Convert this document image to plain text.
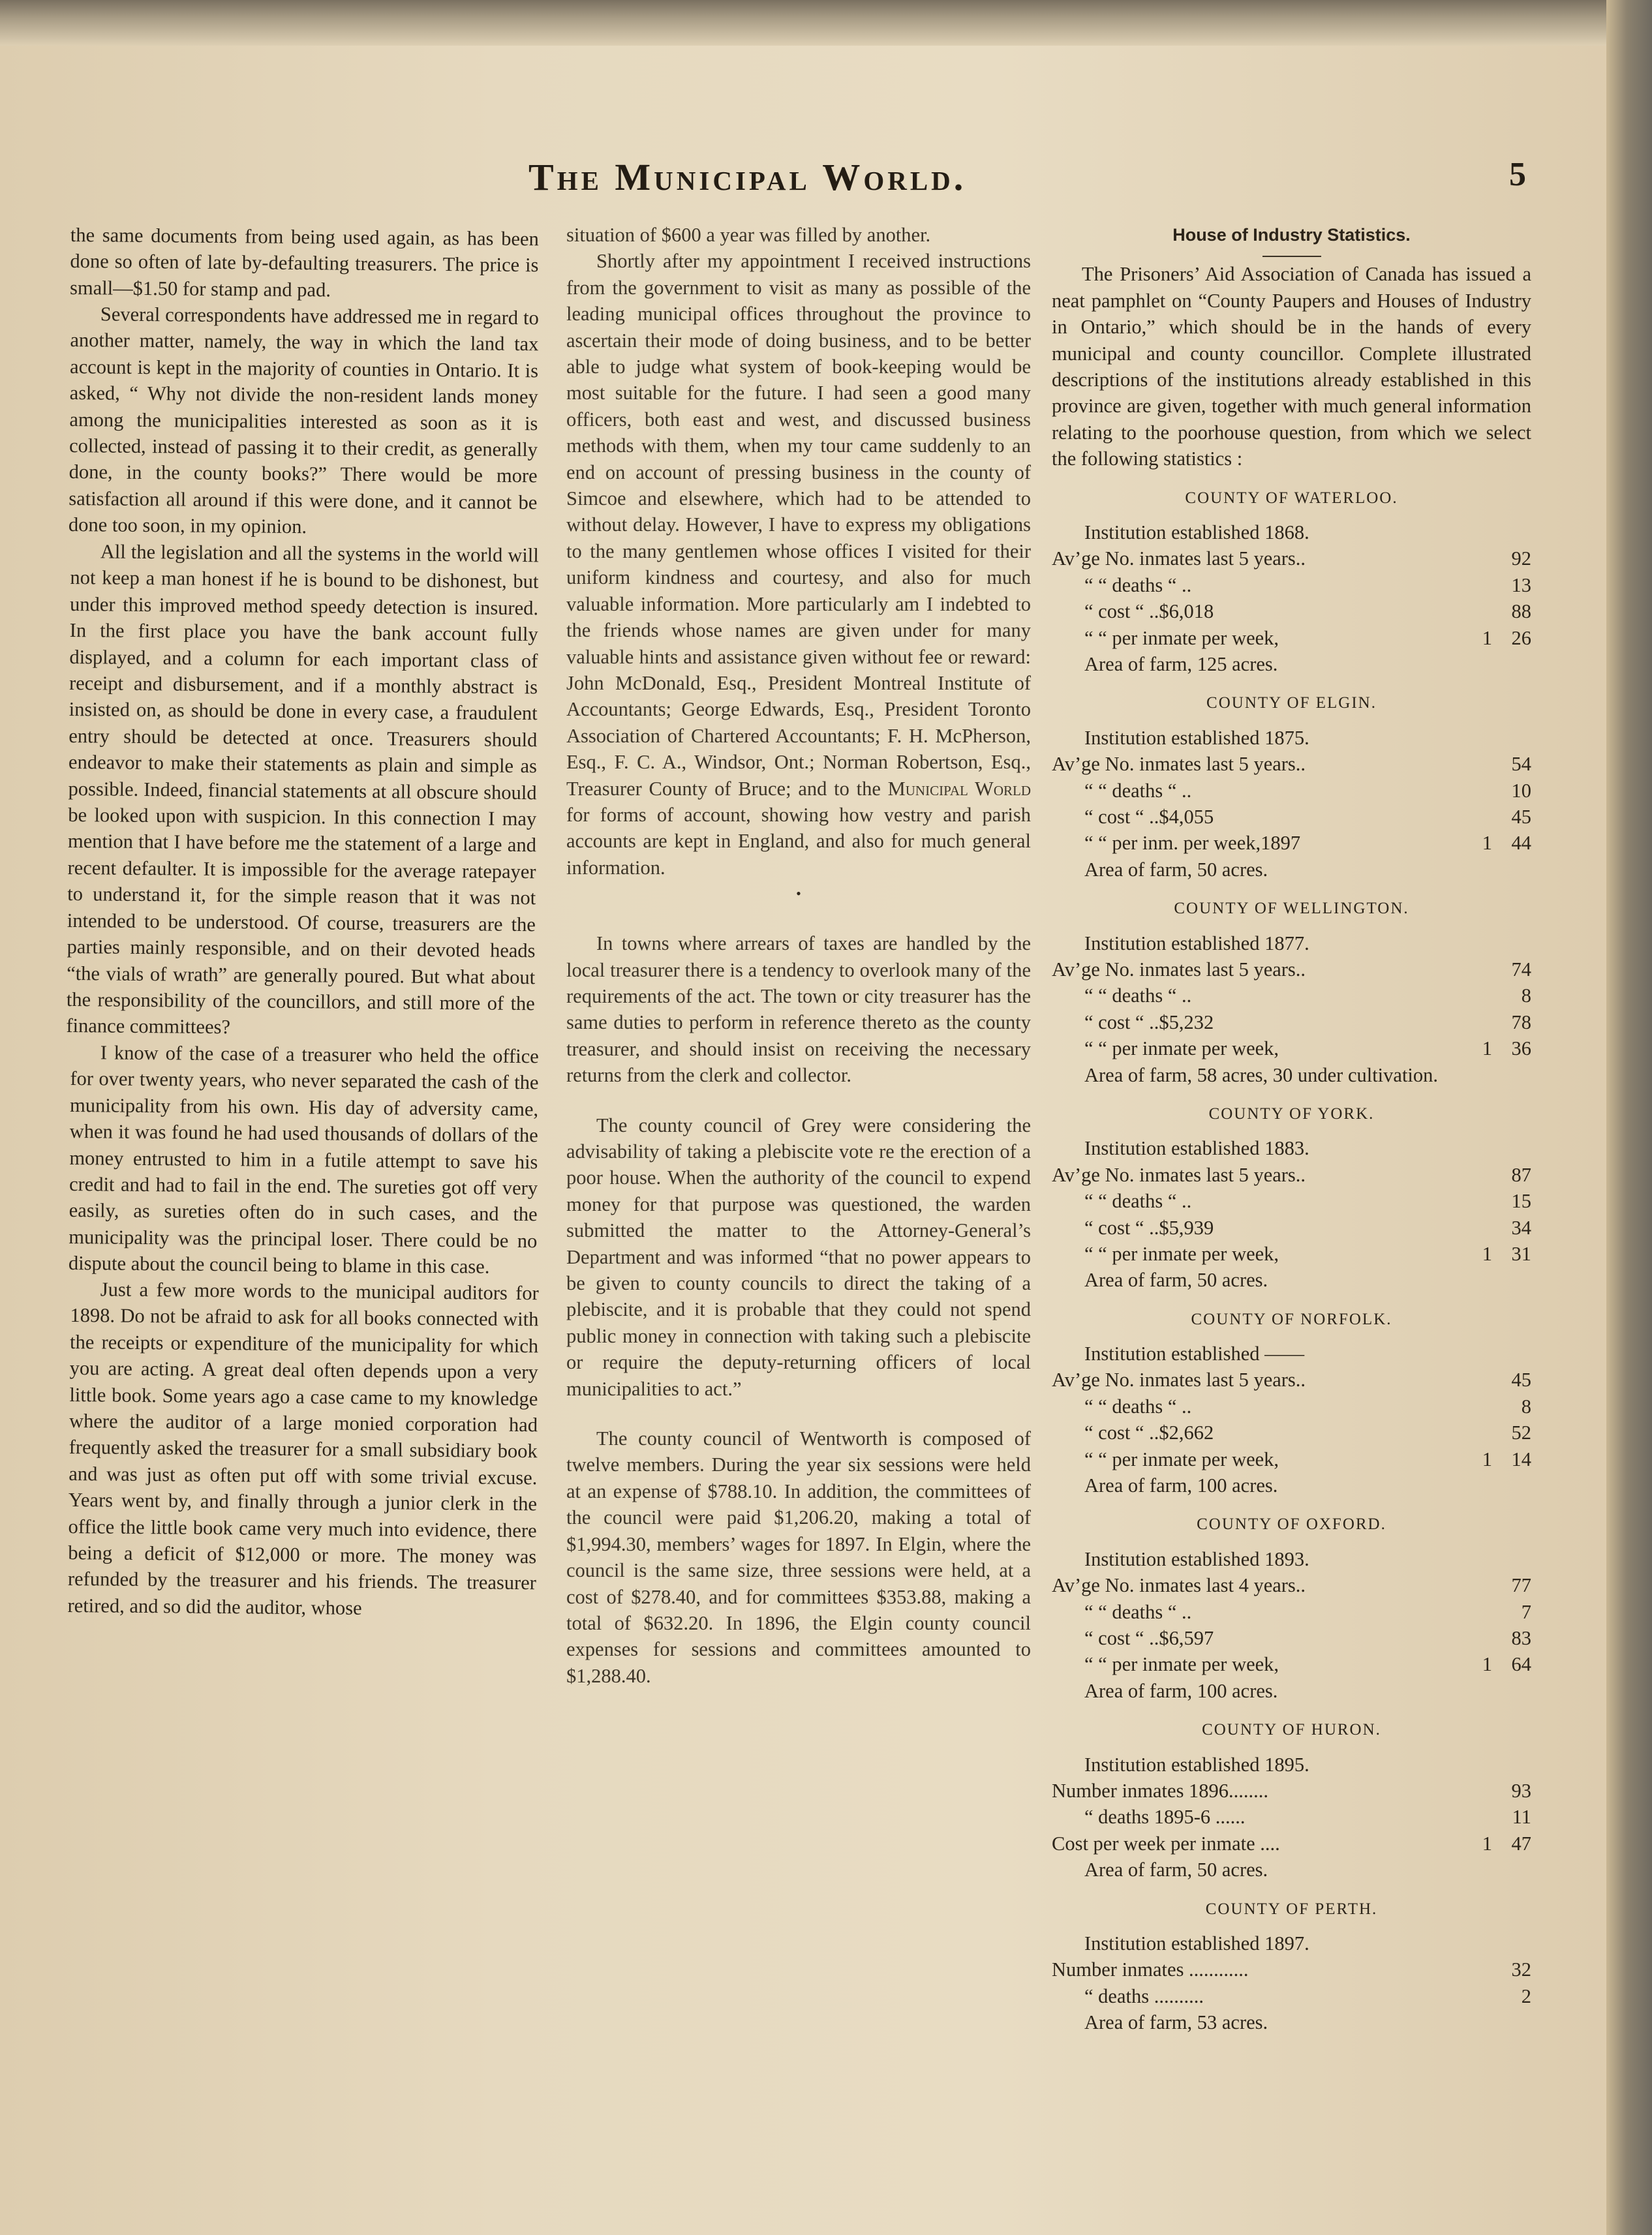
The Municipal World.	5

the same documents from being used again, as has been done so often of late by-defaulting treasurers. The price is small—$1.50 for stamp and pad.

Several correspondents have addressed me in regard to another matter, namely, the way in which the land tax account is kept in the majority of counties in Ontario. It is asked, “ Why not divide the non-resident lands money among the municipalities interested as soon as it is collected, instead of passing it to their credit, as generally done, in the county books?” There would be more satisfaction all around if this were done, and it cannot be done too soon, in my opinion.

All the legislation and all the systems in the world will not keep a man honest if he is bound to be dishonest, but under this improved method speedy detection is insured. In the first place you have the bank account fully displayed, and a column for each important class of receipt and disbursement, and if a monthly abstract is insisted on, as should be done in every case, a fraudulent entry should be detected at once. Treasurers should endeavor to make their statements as plain and simple as possible. Indeed, financial statements at all obscure should be looked upon with suspicion. In this connection I may mention that I have before me the statement of a large and recent defaulter. It is impossible for the average ratepayer to understand it, for the simple reason that it was not intended to be understood. Of course, treasurers are the parties mainly responsible, and on their devoted heads “the vials of wrath” are generally poured. But what about the responsibility of the councillors, and still more of the finance committees?

I know of the case of a treasurer who held the office for over twenty years, who never separated the cash of the municipality from his own. His day of adversity came, when it was found he had used thousands of dollars of the money entrusted to him in a futile attempt to save his credit and had to fail in the end. The sureties got off very easily, as sureties often do in such cases, and the municipality was the principal loser. There could be no dispute about the council being to blame in this case.

Just a few more words to the municipal auditors for 1898. Do not be afraid to ask for all books connected with the receipts or expenditure of the municipality for which you are acting. A great deal often depends upon a very little book. Some years ago a case came to my knowledge where the auditor of a large monied corporation had frequently asked the treasurer for a small subsidiary book and was just as often put off with some trivial excuse. Years went by, and finally through a junior clerk in the office the little book came very much into evidence, there being a deficit of $12,000 or more. The money was refunded by the treasurer and his friends. The treasurer retired, and so did the auditor, whose

situation of $600 a year was filled by another.

Shortly after my appointment I received instructions from the government to visit as many as possible of the leading municipal offices throughout the province to ascertain their mode of doing business, and to be better able to judge what system of book-keeping would be most suitable for the future. I had seen a good many officers, both east and west, and discussed business methods with them, when my tour came suddenly to an end on account of pressing business in the county of Simcoe and elsewhere, which had to be attended to without delay. However, I have to express my obligations to the many gentlemen whose offices I visited for their uniform kindness and courtesy, and also for much valuable information. More particularly am I indebted to the friends whose names are given under for many valuable hints and assistance given without fee or reward: John McDonald, Esq., President Montreal Institute of Accountants; George Edwards, Esq., President Toronto Association of Chartered Accountants; F. H. McPherson, Esq., F. C. A., Windsor, Ont.; Norman Robertson, Esq., Treasurer County of Bruce; and to the Municipal World for forms of account, showing how vestry and parish accounts are kept in England, and also for much general information.

•

In towns where arrears of taxes are handled by the local treasurer there is a tendency to overlook many of the requirements of the act. The town or city treasurer has the same duties to perform in reference thereto as the county treasurer, and should insist on receiving the necessary returns from the clerk and collector.

The county council of Grey were considering the advisability of taking a plebiscite vote re the erection of a poor house. When the authority of the council to expend money for that purpose was questioned, the warden submitted the matter to the Attorney-General’s Department and was informed “that no power appears to be given to county councils to direct the taking of a plebiscite, and it is probable that they could not spend public money in connection with taking such a plebiscite or require the deputy-returning officers of local municipalities to act.”

The county council of Wentworth is composed of twelve members. During the year six sessions were held at an expense of $788.10. In addition, the committees of the council were paid $1,206.20, making a total of $1,994.30, members’ wages for 1897. In Elgin, where the council is the same size, three sessions were held, at a cost of $278.40, and for committees $353.88, making a total of $632.20. In 1896, the Elgin county council expenses for sessions and committees amounted to $1,288.40.

House of Industry Statistics.

The Prisoners’ Aid Association of Canada has issued a neat pamphlet on “County Paupers and Houses of Industry in Ontario,” which should be in the hands of every municipal and county councillor. Complete illustrated descriptions of the institutions already established in this province are given, together with much general information relating to the poorhouse question, from which we select the following statistics :

COUNTY OF WATERLOO.
Institution established 1868.
Av’ge No. inmates last 5 years..	92
“ “ deaths “ ..	13
“ cost “ ..$6,018	88
“ “ per inmate per week,	1 26
Area of farm, 125 acres.
COUNTY OF ELGIN.
Institution established 1875.
Av’ge No. inmates last 5 years..	54
“ “ deaths “ ..	10
“ cost “ ..$4,055	45
“ “ per inm. per week,1897	1 44
Area of farm, 50 acres.
COUNTY OF WELLINGTON.
Institution established 1877.
Av’ge No. inmates last 5 years..	74
“ “ deaths “ ..	8
“ cost “ ..$5,232	78
“ “ per inmate per week,	1 36
Area of farm, 58 acres, 30 under cultivation.
COUNTY OF YORK.
Institution established 1883.
Av’ge No. inmates last 5 years..	87
“ “ deaths “ ..	15
“ cost “ ..$5,939	34
“ “ per inmate per week,	1 31
Area of farm, 50 acres.
COUNTY OF NORFOLK.
Institution established ——
Av’ge No. inmates last 5 years..	45
“ “ deaths “ ..	8
“ cost “ ..$2,662	52
“ “ per inmate per week,	1 14
Area of farm, 100 acres.
COUNTY OF OXFORD.
Institution established 1893.
Av’ge No. inmates last 4 years..	77
“ “ deaths “ ..	7
“ cost “ ..$6,597	83
“ “ per inmate per week,	1 64
Area of farm, 100 acres.
COUNTY OF HURON.
Institution established 1895.
Number inmates 1896........	93
“ deaths 1895-6 ......	11
Cost per week per inmate ....	1 47
Area of farm, 50 acres.
COUNTY OF PERTH.
Institution established 1897.
Number inmates ............	32
“ deaths ..........	2
Area of farm, 53 acres.
